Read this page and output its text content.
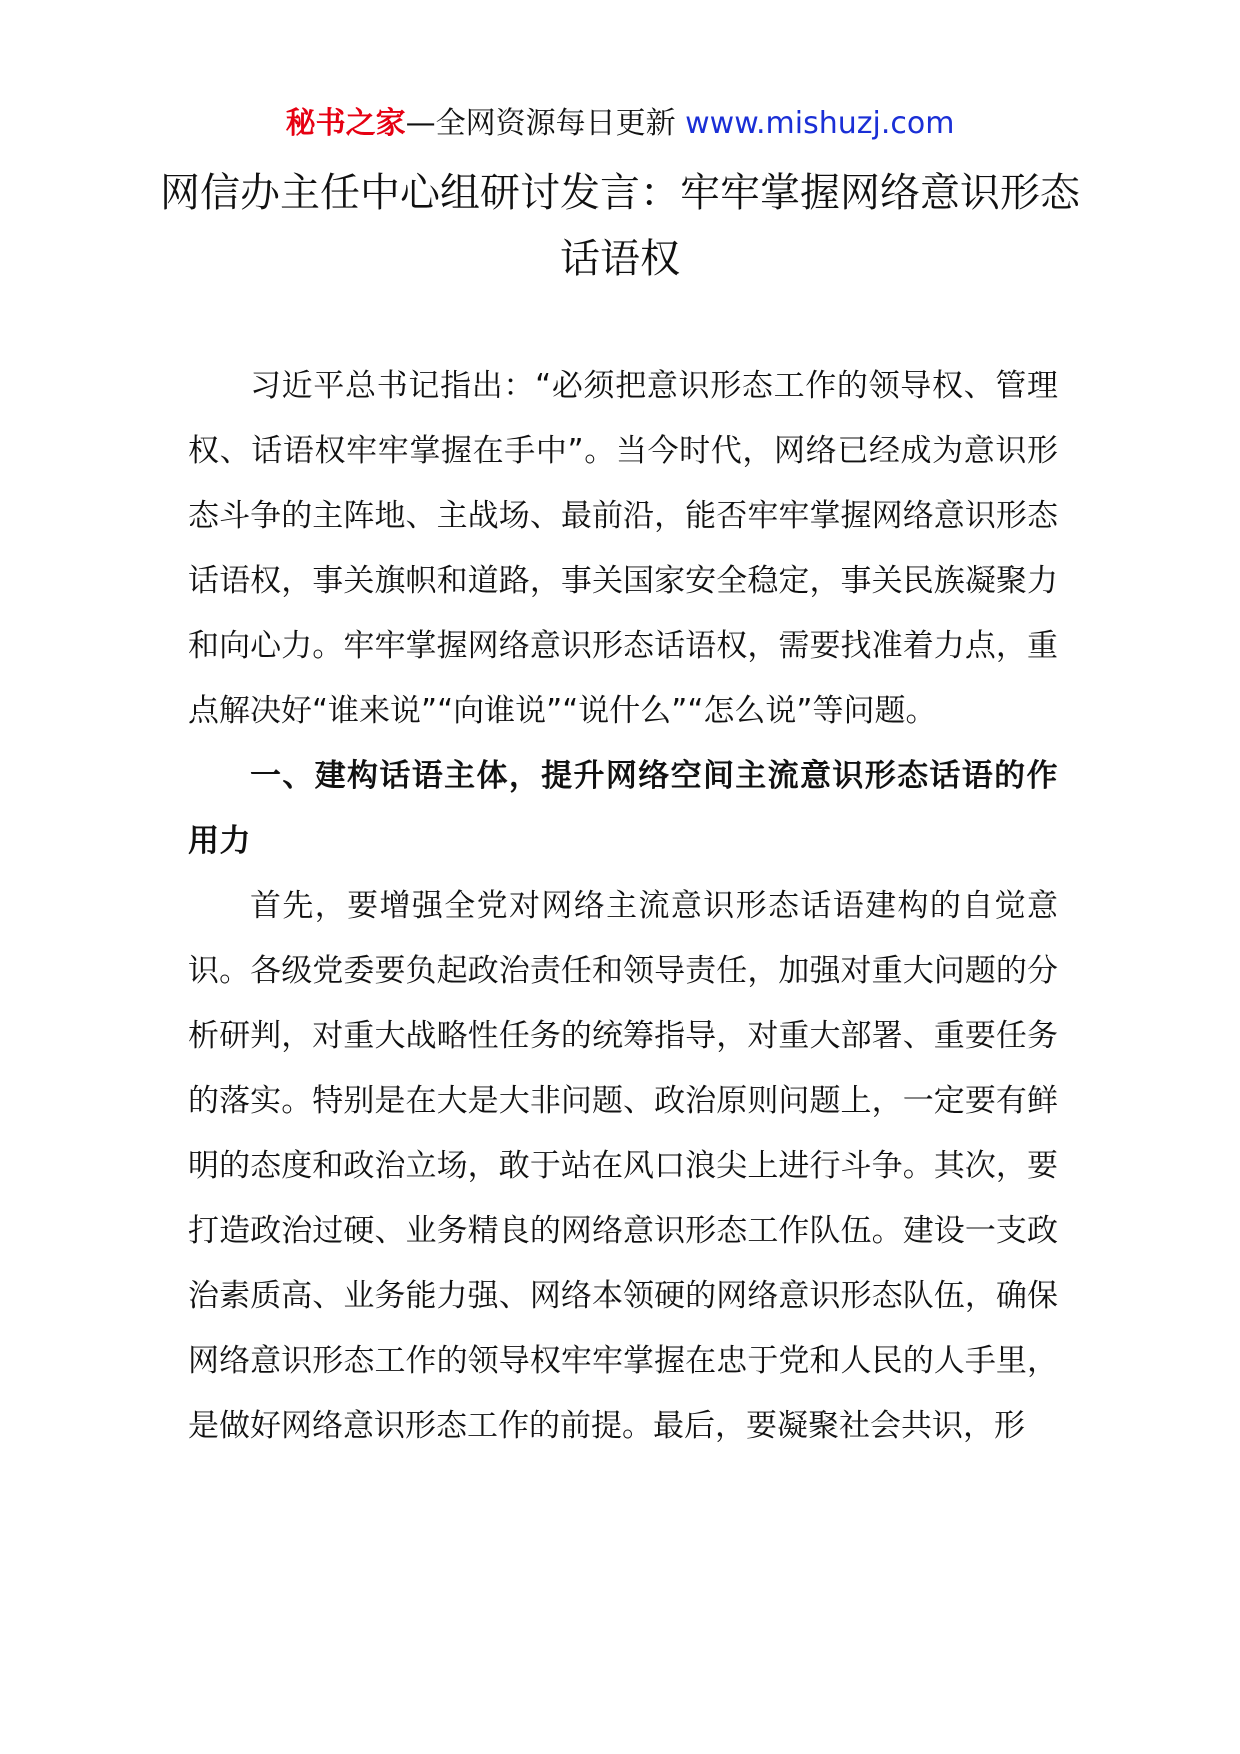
秘书之家—全网资源每日更新 www.mishuzj.com
网信办主任中心组研讨发言：牢牢掌握网络意识形态话语权

习近平总书记指出：“必须把意识形态工作的领导权、管理权、话语权牢牢掌握在手中”。当今时代，网络已经成为意识形态斗争的主阵地、主战场、最前沿，能否牢牢掌握网络意识形态话语权，事关旗帜和道路，事关国家安全稳定，事关民族凝聚力和向心力。牢牢掌握网络意识形态话语权，需要找准着力点，重点解决好“谁来说”“向谁说”“说什么”“怎么说”等问题。

一、建构话语主体，提升网络空间主流意识形态话语的作用力

首先，要增强全党对网络主流意识形态话语建构的自觉意识。各级党委要负起政治责任和领导责任，加强对重大问题的分析研判，对重大战略性任务的统筹指导，对重大部署、重要任务的落实。特别是在大是大非问题、政治原则问题上，一定要有鲜明的态度和政治立场，敢于站在风口浪尖上进行斗争。其次，要打造政治过硬、业务精良的网络意识形态工作队伍。建设一支政治素质高、业务能力强、网络本领硬的网络意识形态队伍，确保网络意识形态工作的领导权牢牢掌握在忠于党和人民的人手里，是做好网络意识形态工作的前提。最后，要凝聚社会共识，形
